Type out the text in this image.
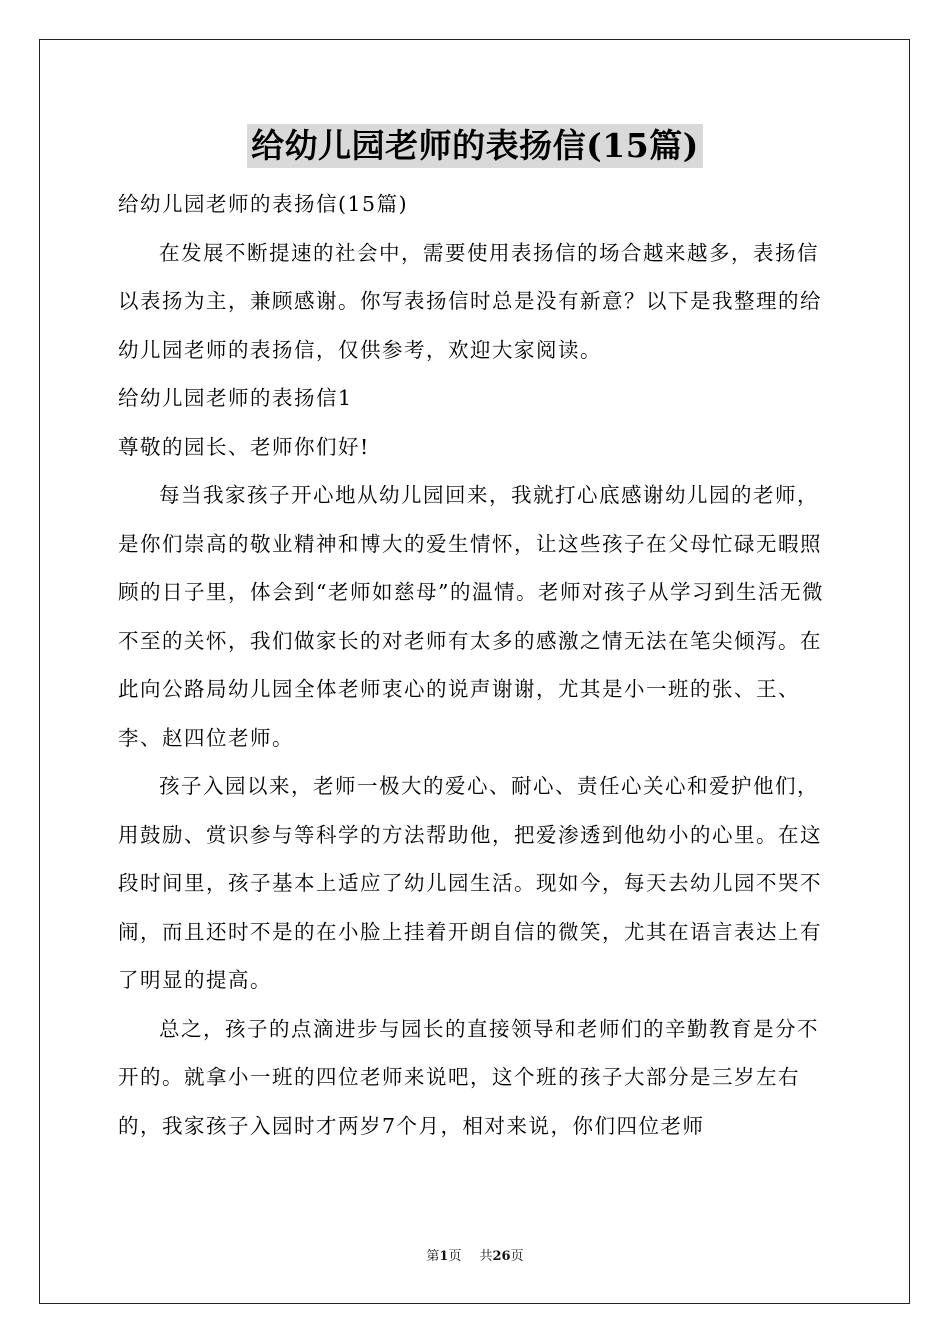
给幼儿园老师的表扬信(15篇)

给幼儿园老师的表扬信(15篇)

在发展不断提速的社会中，需要使用表扬信的场合越来越多，表扬信以表扬为主，兼顾感谢。你写表扬信时总是没有新意？以下是我整理的给幼儿园老师的表扬信，仅供参考，欢迎大家阅读。

给幼儿园老师的表扬信1

尊敬的园长、老师你们好!

每当我家孩子开心地从幼儿园回来，我就打心底感谢幼儿园的老师，是你们崇高的敬业精神和博大的爱生情怀，让这些孩子在父母忙碌无暇照顾的日子里，体会到“老师如慈母”的温情。老师对孩子从学习到生活无微不至的关怀，我们做家长的对老师有太多的感激之情无法在笔尖倾泻。在此向公路局幼儿园全体老师衷心的说声谢谢，尤其是小一班的张、王、李、赵四位老师。

孩子入园以来，老师一极大的爱心、耐心、责任心关心和爱护他们，用鼓励、赏识参与等科学的方法帮助他，把爱渗透到他幼小的心里。在这段时间里，孩子基本上适应了幼儿园生活。现如今，每天去幼儿园不哭不闹，而且还时不是的在小脸上挂着开朗自信的微笑，尤其在语言表达上有了明显的提高。

总之，孩子的点滴进步与园长的直接领导和老师们的辛勤教育是分不开的。就拿小一班的四位老师来说吧，这个班的孩子大部分是三岁左右的，我家孩子入园时才两岁7个月，相对来说，你们四位老师

第1页 共26页
